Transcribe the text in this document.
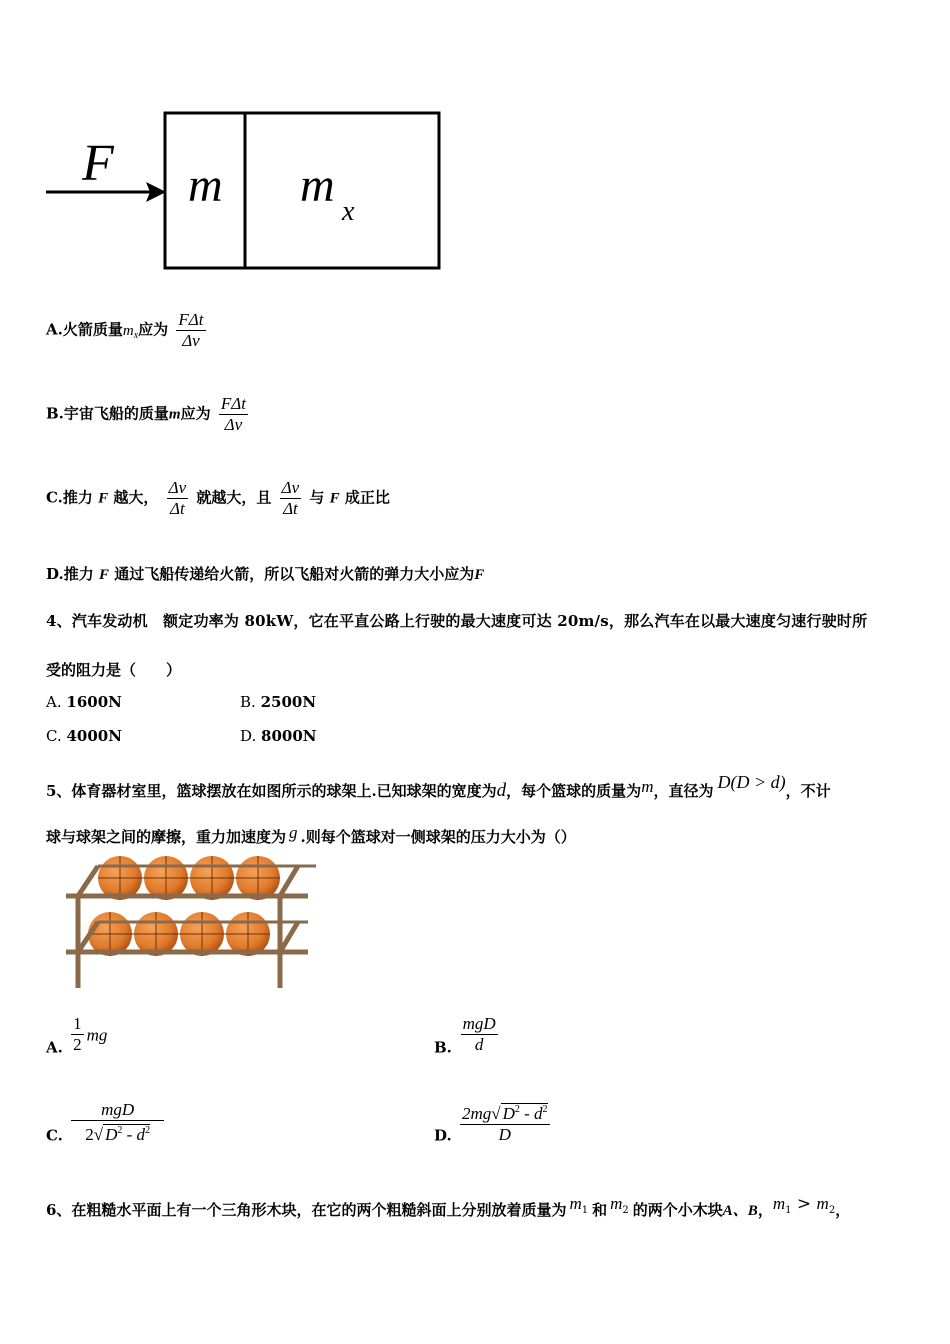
F m m x
A.火箭质量$m_x$应为 $\frac{\text{FΔt}}{\Delta v}$
B.宇宙飞船的质量m应为 $\frac{\text{FΔt}}{\Delta v}$
C.推力 F 越大， $\frac{\Delta v}{\Delta t}$ 就越大，且 $\frac{\Delta v}{\Delta t}$ 与 F 成正比
D.推力 F 通过飞船传递给火箭，所以飞船对火箭的弹力大小应为F
4、汽车发动机　额定功率为 80kW，它在平直公路上行驶的最大速度可达 20m/s，那么汽车在以最大速度匀速行驶时所
受的阻力是（　　）
A. 1600N	B. 2500N
C. 4000N	D. 8000N
5、体育器材室里，篮球摆放在如图所示的球架上.已知球架的宽度为d，每个篮球的质量为m，直径为 D(D > d)，不计
球与球架之间的摩擦，重力加速度为 g .则每个篮球对一侧球架的压力大小为（）
A. $\frac{1}{2}$ mg
B. $\frac{\text{mgD}}{d}$
C. $\frac{\text{mgD}}{2√ D^2 - d^2}$	D. $\frac{2mg√ D^2 - d^2}{D}$
6、在粗糙水平面上有一个三角形木块，在它的两个粗糙斜面上分别放着质量为 $m^1$ 和 $m^2$ 的两个小木块A、B，$m^1 > m^2$，
